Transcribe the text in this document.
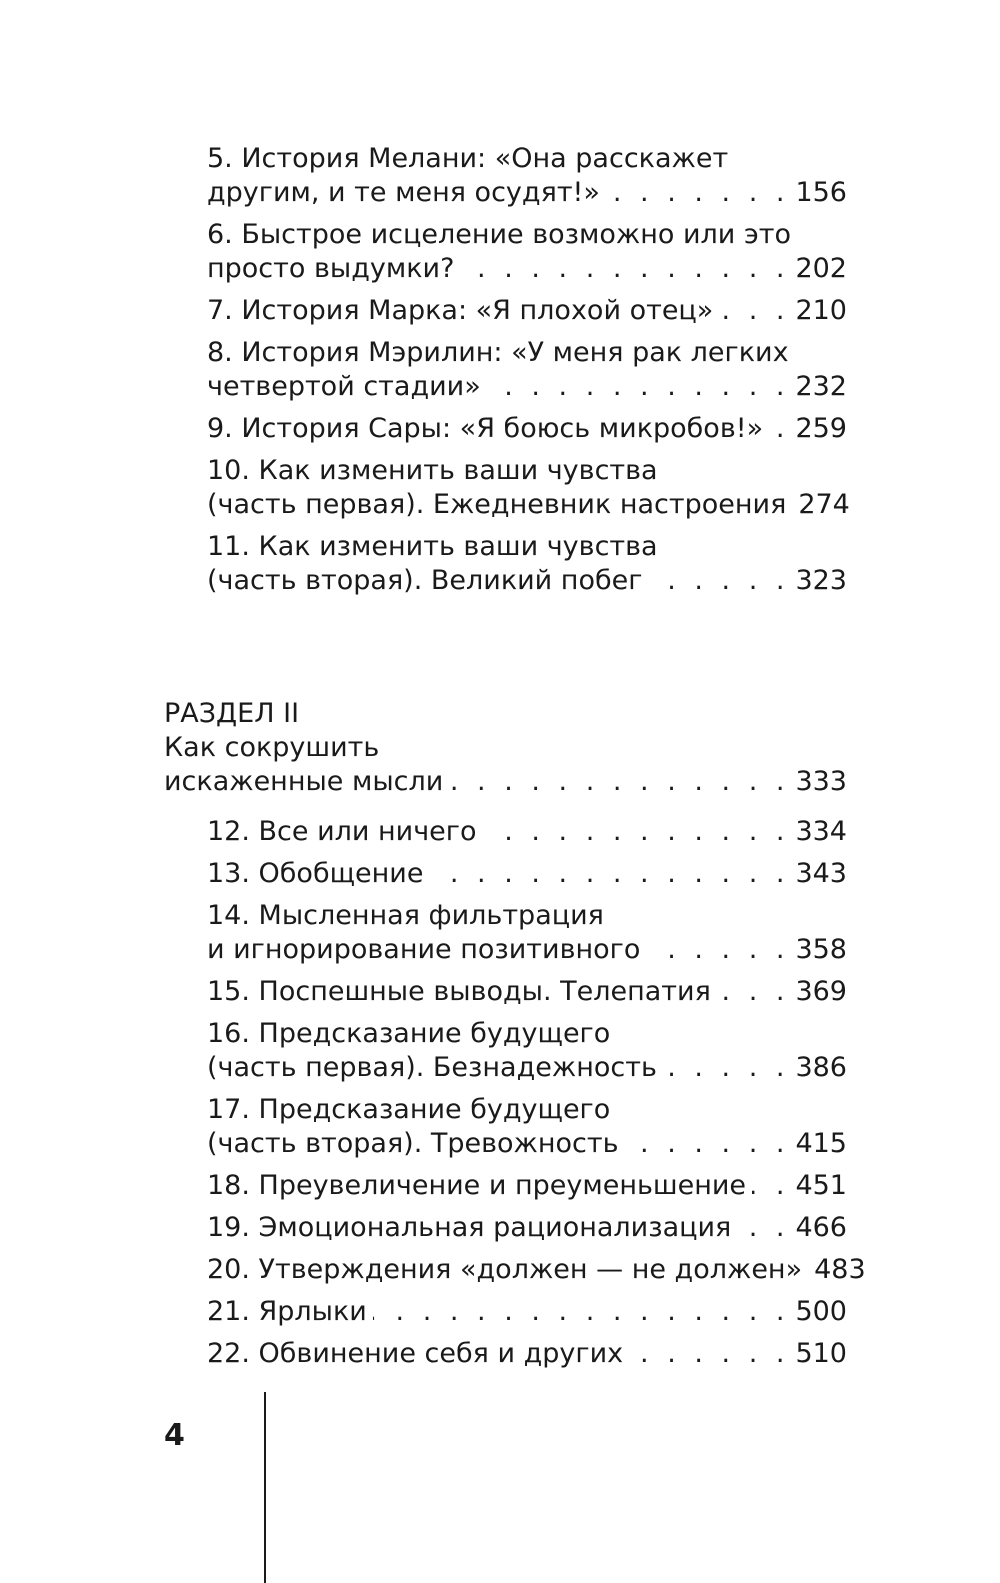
5. История Мелани: «Она расскажет
другим, и те меня осудят!» . . .	156
6. Быстрое исцеление возможно или это
просто выдумки? . . .	202
7. История Марка: «Я плохой отец» . . .	210
8. История Мэрилин: «У меня рак легких
четвертой стадии» . . .	232
9. История Сары: «Я боюсь микробов!» . . . 259
10. Как изменить ваши чувства
(часть первая). Ежедневник настроения 274
11. Как изменить ваши чувства
(часть вторая). Великий побег . . .	323
РАЗДЕЛ II
Как сокрушить
искаженные мысли . . .	333
12. Все или ничего . . .	334
13. Обобщение . . .	343
14. Мысленная фильтрация
и игнорирование позитивного . . .	358
15. Поспешные выводы. Телепатия . . .	369
16. Предсказание будущего
(часть первая). Безнадежность . . .	386
17. Предсказание будущего
(часть вторая). Тревожность . . .	415
18. Преувеличение и преуменьшение . . . 451
19. Эмоциональная рационализация . . . 466
20. Утверждения «должен — не должен» 483
21. Ярлыки . . .	500
22. Обвинение себя и других . . .	510
4
